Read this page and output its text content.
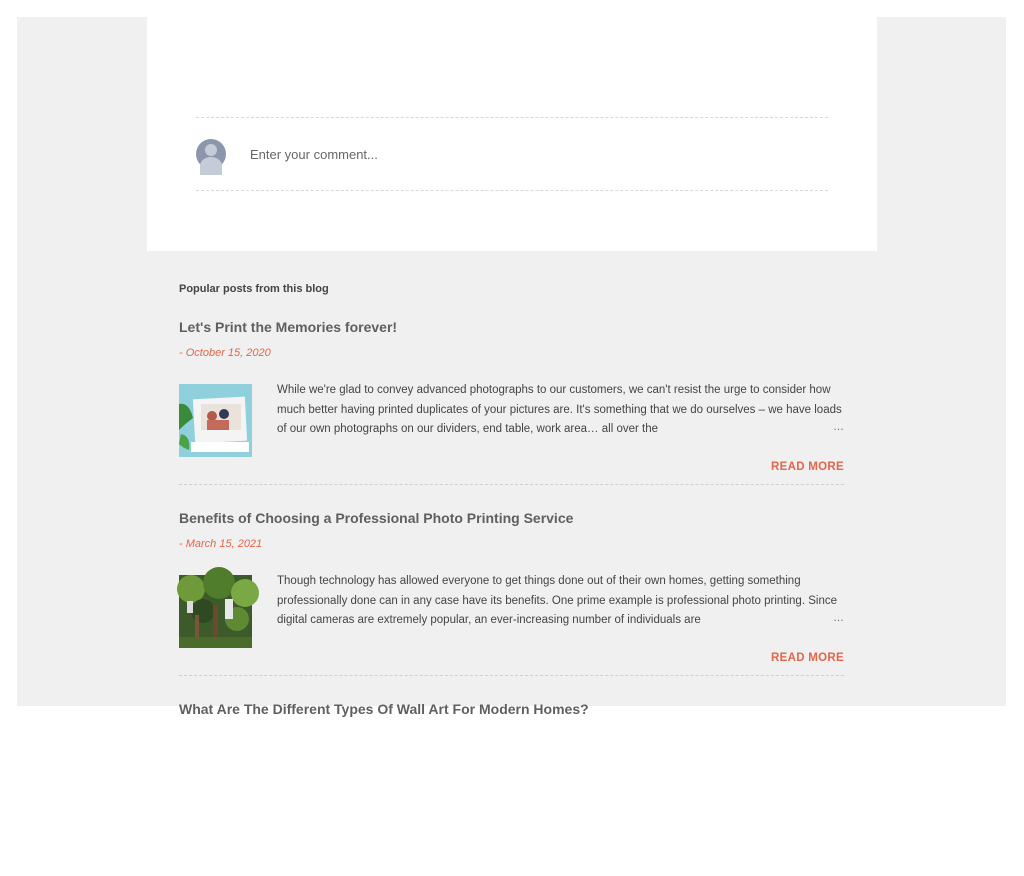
Enter your comment...
Popular posts from this blog
Let's Print the Memories forever!
- October 15, 2020
While we're glad to convey advanced photographs to our customers, we can't resist the urge to consider how much better having printed duplicates of your pictures are. It's something that we do ourselves – we have loads of our own photographs on our dividers, end table, work area… all over the	…
READ MORE
Benefits of Choosing a Professional Photo Printing Service
- March 15, 2021
Though technology has allowed everyone to get things done out of their own homes, getting something professionally done can in any case have its benefits. One prime example is professional photo printing. Since digital cameras are extremely popular, an ever-increasing number of individuals are	…
READ MORE
What Are The Different Types Of Wall Art For Modern Homes?
